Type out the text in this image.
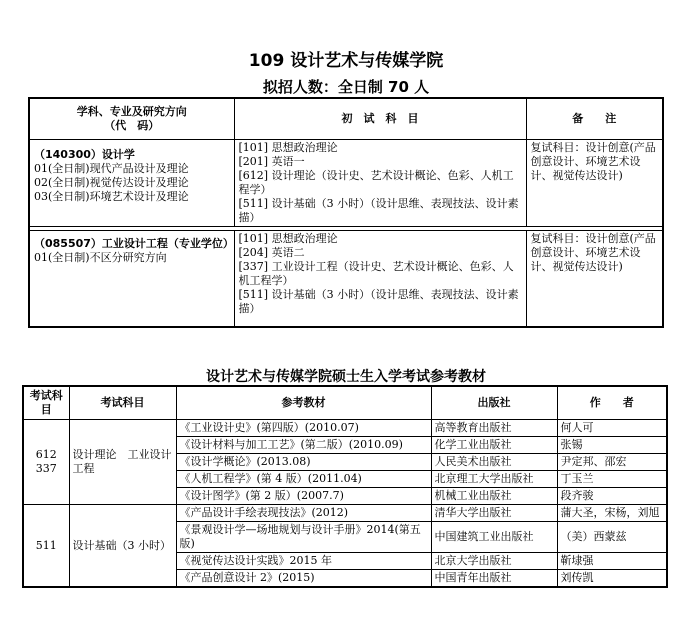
109 设计艺术与传媒学院
拟招人数：全日制 70 人
学科、专业及研究方向
（代　码）	初　试　科　目	备　　注

（140300）设计学
01(全日制)现代产品设计及理论
02(全日制)视觉传达设计及理论
03(全日制)环境艺术设计及理论	[101] 思想政治理论
[201] 英语一
[612] 设计理论（设计史、艺术设计概论、色彩、人机工程学）
[511] 设计基础（3 小时）（设计思维、表现技法、设计素描）	复试科目：设计创意(产品创意设计、环境艺术设计、视觉传达设计)

（085507）工业设计工程（专业学位）
01(全日制)不区分研究方向	[101] 思想政治理论
[204] 英语二
[337] 工业设计工程（设计史、艺术设计概论、色彩、人机工程学）
[511] 设计基础（3 小时）（设计思维、表现技法、设计素描）	复试科目：设计创意(产品创意设计、环境艺术设计、视觉传达设计)
设计艺术与传媒学院硕士生入学考试参考教材
考试科目	考试科目	参考教材	出版社	作　　者

612
337	设计理论　工业设计工程	《工业设计史》(第四版）(2010.07)	高等教育出版社	何人可
		《设计材料与加工工艺》(第二版）(2010.09)	化学工业出版社	张锡
		《设计学概论》(2013.08)	人民美术出版社	尹定邦、邵宏
		《人机工程学》(第 4 版）(2011.04)	北京理工大学出版社	丁玉兰
		《设计图学》(第 2 版）(2007.7)	机械工业出版社	段齐骏
511	设计基础（3 小时）	《产品设计手绘表现技法》(2012)	清华大学出版社	蒲大圣，宋杨，刘旭
		《景观设计学—场地规划与设计手册》2014(第五版)	中国建筑工业出版社	（美）西蒙兹
		《视觉传达设计实践》2015 年	北京大学出版社	靳埭强
		《产品创意设计 2》(2015)	中国青年出版社	刘传凯
